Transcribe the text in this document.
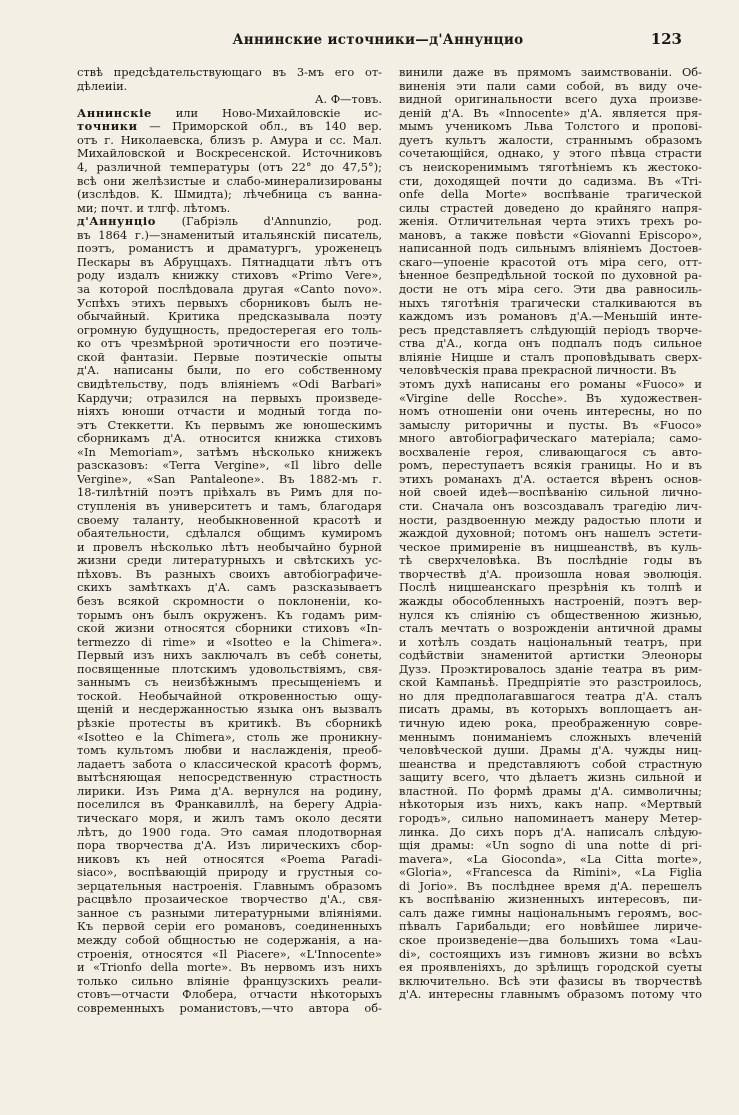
Аннинские источники—д'Аннунцио	123
ствѣ предсѣдательствующаго въ 3-мъ его от-
дѣлеиіи.
А. Ф—товъ.
Аннинскіе или Ново-Михайловскіе ис-
точники — Приморской обл., въ 140 вер.
отъ г. Николаевска, близъ р. Амура и сс. Мал.
Михайловской и Воскресенской. Источниковъ
4, различной температуры (отъ 22° до 47,5°);
всѣ они желѣзистые и слабо-минерализированы
(изслѣдов. К. Шмидта); лѣчебница съ ванна-
ми; почт. и тлгф. лѣтомъ.
д'Аннунціо (Габріэль d'Annunzio, род.
въ 1864 г.)—знаменитый итальянскій писатель,
поэтъ, романистъ и драматургъ, уроженецъ
Пескары въ Абруццахъ. Пятнадцати лѣтъ отъ
роду издалъ книжку стиховъ «Primo Vere»,
за которой послѣдовала другая «Canto novo».
Успѣхъ этихъ первыхъ сборниковъ былъ не-
обычайный. Критика предсказывала поэту
огромную будущность, предостерегая его толь-
ко отъ чрезмѣрной эротичности его поэтиче-
ской фантазіи. Первые поэтическіе опыты
д'А. написаны были, по его собственному
свидѣтельству, подъ вліяніемъ «Odi Barbari»
Кардучи; отразился на первыхъ произведе-
ніяхъ юноши отчасти и модный тогда по-
этъ Стеккетти. Къ первымъ же юношескимъ
сборникамъ д'А. относится книжка стиховъ
«In Memoriam», затѣмъ нѣсколько книжекъ
разсказовъ: «Terra Vergine», «Il libro delle
Vergine», «San Pantaleone». Въ 1882-мъ г.
18-тилѣтній поэтъ пріѣхалъ въ Римъ для по-
ступленія въ университетъ и тамъ, благодаря
своему таланту, необыкновенной красотѣ и
обаятельности, сдѣлался общимъ кумиромъ
и провелъ нѣсколько лѣтъ необычайно бурной
жизни среди литературныхъ и свѣтскихъ ус-
пѣховъ. Въ разныхъ своихъ автобіографиче-
скихъ замѣткахъ д'А. самъ разсказываетъ
безъ всякой скромности о поклоненіи, ко-
торымъ онъ былъ окруженъ. Къ годамъ рим-
ской жизни относятся сборники стиховъ «In-
termezzo di rime» и «Isotteo e la Chimera».
Первый изъ нихъ заключалъ въ себѣ сонеты,
посвященные плотскимъ удовольствіямъ, свя-
заннымъ съ неизбѣжнымъ пресыщеніемъ и
тоской. Необычайной откровенностью ощу-
щеній и несдержанностью языка онъ вызвалъ
рѣзкіе протесты въ критикѣ. Въ сборникѣ
«Isotteo e la Chimera», столь же проникну-
томъ культомъ любви и наслажденія, преоб-
ладаетъ забота о классической красотѣ формъ,
вытѣсняющая непосредственную страстность
лирики. Изъ Рима д'А. вернулся на родину,
поселился въ Франкавиллѣ, на берегу Адріа-
тическаго моря, и жилъ тамъ около десяти
лѣтъ, до 1900 года. Это самая плодотворная
пора творчества д'А. Изъ лирическихъ сбор-
никовъ къ ней относятся «Poema Paradi-
siaco», воспѣвающій природу и грустныя со-
зерцательныя настроенія. Главнымъ образомъ
расцвѣло прозаическое творчество д'А., свя-
занное съ разными литературными вліяніями.
Къ первой серіи его романовъ, соединенныхъ
между собой общностью не содержанія, а на-
строенія, относятся «Il Piacere», «L'Innocente»
и «Trionfo della morte». Въ нервомъ изъ нихъ
только сильно вліяніе французскихъ реали-
стовъ—отчасти Флобера, отчасти нѣкоторыхъ
современныхъ романистовъ,—что автора об-
винили даже въ прямомъ заимствованіи. Об-
виненія эти пали сами собой, въ виду оче-
видной оригинальности всего духа произве-
деній д'А. Въ «Innocente» д'А. является пря-
мымъ ученикомъ Льва Толстого и пропові-
дуетъ культъ жалости, страннымъ образомъ
сочетающійся, однако, у этого пѣвца страсти
съ неискоренимымъ тяготѣніемъ къ жестоко-
сти, доходящей почти до садизма. Въ «Tri-
onfe della Morte» воспѣваніе трагической
силы страстей доведено до крайняго напря-
женія. Отличительная черта этихъ трехъ ро-
мановъ, а также повѣсти «Giovanni Episcopo»,
написанной подъ сильнымъ вліяніемъ Достоев-
скаго—упоеніе красотой отъ міра сего, отт-
ѣненное безпредѣльной тоской по духовной ра-
дости не отъ міра сего. Эти два равносиль-
ныхъ тяготѣнія трагически сталкиваются въ
каждомъ изъ романовъ д'А.—Меньшій инте-
ресъ представляетъ слѣдующій періодъ творче-
ства д'А., когда онъ подпалъ подъ сильное
вліяніе Ницше и сталъ проповѣдывать сверх-
человѣческія права прекрасной личности. Въ
этомъ духѣ написаны его романы «Fuoco» и
«Virgine delle Rocche». Въ художествен-
номъ отношеніи они очень интересны, но по
замыслу риторичны и пусты. Въ «Fuoco»
много автобіографическаго матеріала; само-
восхваленіе героя, сливающагося съ авто-
ромъ, переступаетъ всякія границы. Но и въ
этихъ романахъ д'А. остается вѣренъ основ-
ной своей идеѣ—воспѣванію сильной лично-
сти. Сначала онъ возсоздавалъ трагедію лич-
ности, раздвоенную между радостью плоти и
жаждой духовной; потомъ онъ нашелъ эстети-
ческое примиреніе въ ницшеанствѣ, въ куль-
тѣ сверхчеловѣка. Въ послѣдніе годы въ
творчествѣ д'А. произошла новая эволюція.
Послѣ ницшеанскаго презрѣнія къ толпѣ и
жажды обособленныхъ настроеній, поэтъ вер-
нулся къ сліянію съ общественною жизнью,
сталъ мечтать о возрожденіи античной драмы
и хотѣлъ создать національный театръ, при
содѣйствіи знаменитой артистки Элеоноры
Дузэ. Проэктировалось зданіе театра въ рим-
ской Кампаньѣ. Предпріятіе это разстроилось,
но для предполагавшагося театра д'А. сталъ
писать драмы, въ которыхъ воплощаетъ ан-
тичную идею рока, преображенную совре-
меннымъ пониманіемъ сложныхъ влеченій
человѣческой души. Драмы д'А. чужды ниц-
шеанства и представляютъ собой страстную
защиту всего, что дѣлаетъ жизнь сильной и
властной. По формѣ драмы д'А. символичны;
нѣкоторыя изъ нихъ, какъ напр. «Мертвый
городъ», сильно напоминаетъ манеру Метер-
линка. До сихъ поръ д'А. написалъ слѣдую-
щія драмы: «Un sogno di una notte di pri-
mavera», «La Gioconda», «La Citta morte»,
«Gloria», «Francesca da Rimini», «La Figlia
di Jorio». Въ послѣднее время д'А. перешелъ
къ воспѣванію жизненныхъ интересовъ, пи-
салъ даже гимны національнымъ героямъ, вос-
пѣвалъ Гарибальди; его новѣйшее лириче-
ское произведеніе—два большихъ тома «Lau-
di», состоящихъ изъ гимновъ жизни во всѣхъ
ея проявленіяхъ, до зрѣлищъ городской суеты
включительно. Всѣ эти фазисы въ творчествѣ
д'А. интересны главнымъ образомъ потому что
